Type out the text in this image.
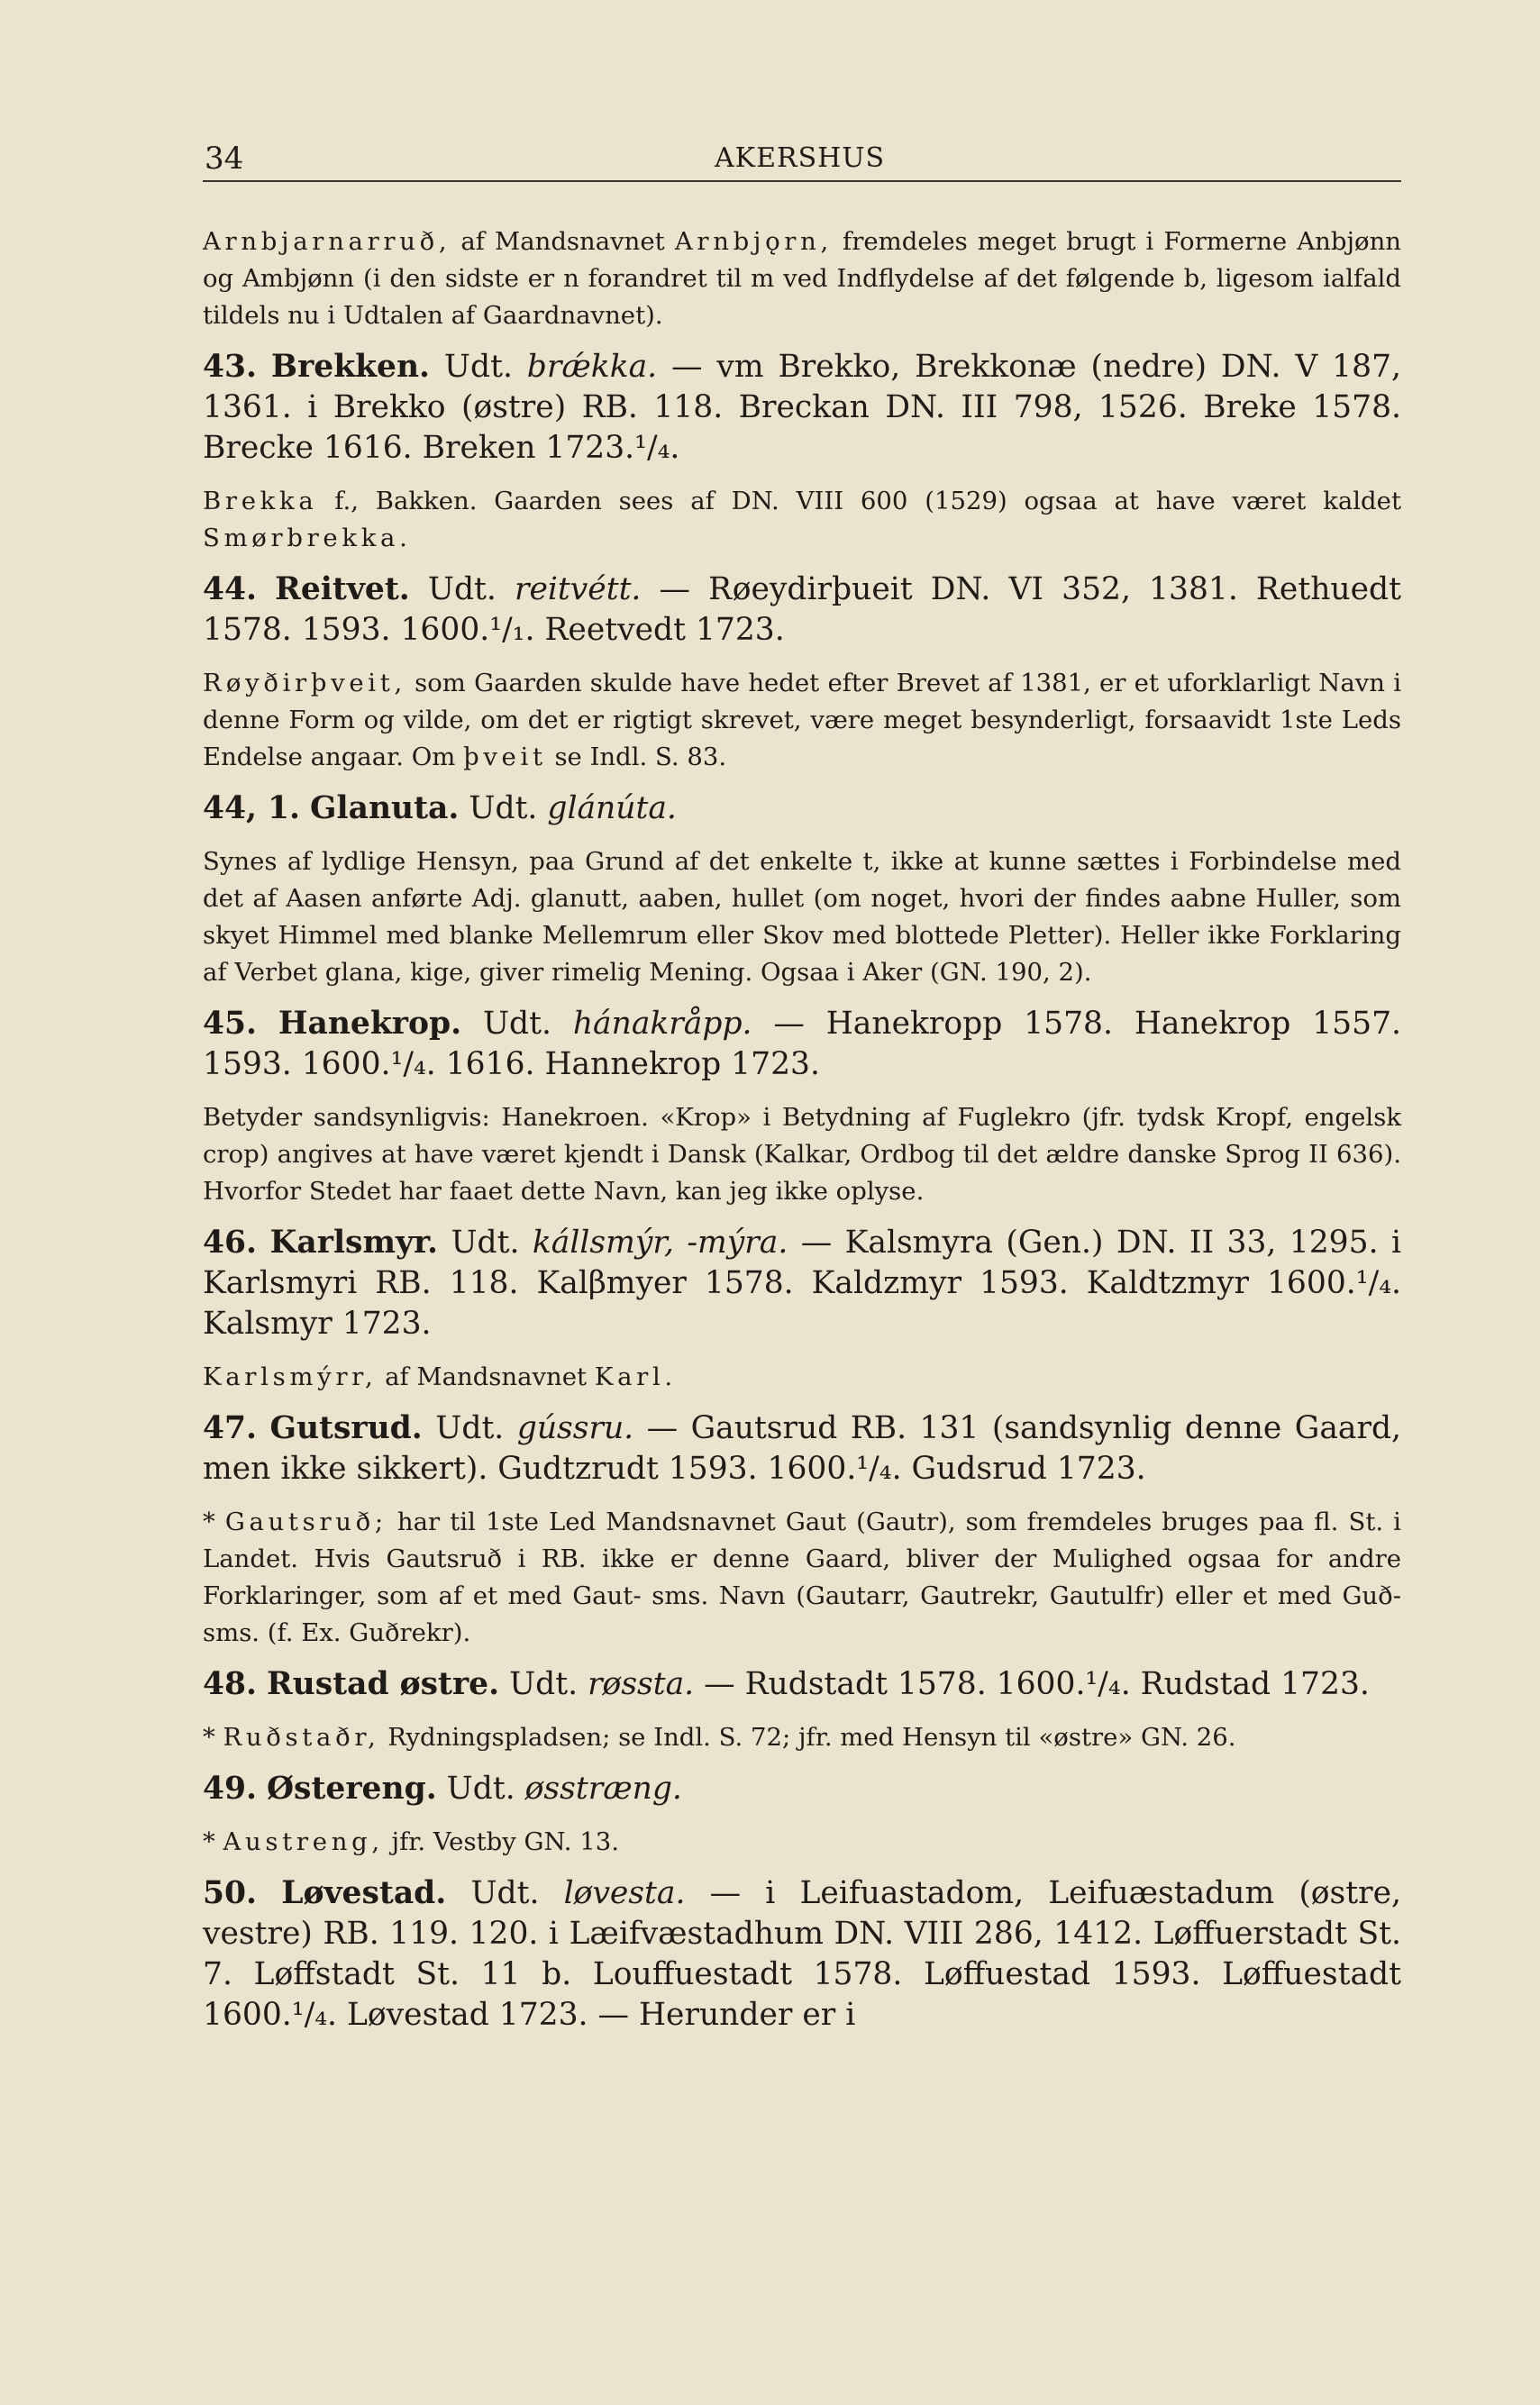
34	AKERSHUS

Arnbjarnarruð, af Mandsnavnet Arnbjǫrn, fremdeles meget brugt i Formerne Anbjønn og Ambjønn (i den sidste er n forandret til m ved Indflydelse af det følgende b, ligesom ialfald tildels nu i Udtalen af Gaardnavnet).

43. Brekken. Udt. brǽkka. — vm Brekko, Brekkonæ (nedre) DN. V 187, 1361. i Brekko (østre) RB. 118. Breckan DN. III 798, 1526. Breke 1578. Brecke 1616. Breken 1723.¹/₄.

Brekka f., Bakken. Gaarden sees af DN. VIII 600 (1529) ogsaa at have været kaldet Smørbrekka.

44. Reitvet. Udt. reitvétt. — Røeydirþueit DN. VI 352, 1381. Rethuedt 1578. 1593. 1600.¹/₁. Reetvedt 1723.

Røyðirþveit, som Gaarden skulde have hedet efter Brevet af 1381, er et uforklarligt Navn i denne Form og vilde, om det er rigtigt skrevet, være meget besynderligt, forsaavidt 1ste Leds Endelse angaar. Om þveit se Indl. S. 83.

44, 1. Glanuta. Udt. glánúta.

Synes af lydlige Hensyn, paa Grund af det enkelte t, ikke at kunne sættes i Forbindelse med det af Aasen anførte Adj. glanutt, aaben, hullet (om noget, hvori der findes aabne Huller, som skyet Himmel med blanke Mellemrum eller Skov med blottede Pletter). Heller ikke Forklaring af Verbet glana, kige, giver rimelig Mening. Ogsaa i Aker (GN. 190, 2).

45. Hanekrop. Udt. hánakråpp. — Hanekropp 1578. Hanekrop 1557. 1593. 1600.¹/₄. 1616. Hannekrop 1723.

Betyder sandsynligvis: Hanekroen. «Krop» i Betydning af Fuglekro (jfr. tydsk Kropf, engelsk crop) angives at have været kjendt i Dansk (Kalkar, Ordbog til det ældre danske Sprog II 636). Hvorfor Stedet har faaet dette Navn, kan jeg ikke oplyse.

46. Karlsmyr. Udt. kállsmýr, -mýra. — Kalsmyra (Gen.) DN. II 33, 1295. i Karlsmyri RB. 118. Kalβmyer 1578. Kaldzmyr 1593. Kaldtzmyr 1600.¹/₄. Kalsmyr 1723.

Karlsmýrr, af Mandsnavnet Karl.

47. Gutsrud. Udt. gússru. — Gautsrud RB. 131 (sandsynlig denne Gaard, men ikke sikkert). Gudtzrudt 1593. 1600.¹/₄. Gudsrud 1723.

* Gautsruð; har til 1ste Led Mandsnavnet Gaut (Gautr), som fremdeles bruges paa fl. St. i Landet. Hvis Gautsruð i RB. ikke er denne Gaard, bliver der Mulighed ogsaa for andre Forklaringer, som af et med Gaut- sms. Navn (Gautarr, Gautrekr, Gautulfr) eller et med Guð- sms. (f. Ex. Guðrekr).

48. Rustad østre. Udt. røssta. — Rudstadt 1578. 1600.¹/₄. Rudstad 1723.

* Ruðstaðr, Rydningspladsen; se Indl. S. 72; jfr. med Hensyn til «østre» GN. 26.

49. Østereng. Udt. øsstræng.

* Austreng, jfr. Vestby GN. 13.

50. Løvestad. Udt. løvesta. — i Leifuastadom, Leifuæstadum (østre, vestre) RB. 119. 120. i Læifvæstadhum DN. VIII 286, 1412. Løffuerstadt St. 7. Løffstadt St. 11 b. Louffuestadt 1578. Løffuestad 1593. Løffuestadt 1600.¹/₄. Løvestad 1723. — Herunder er i
